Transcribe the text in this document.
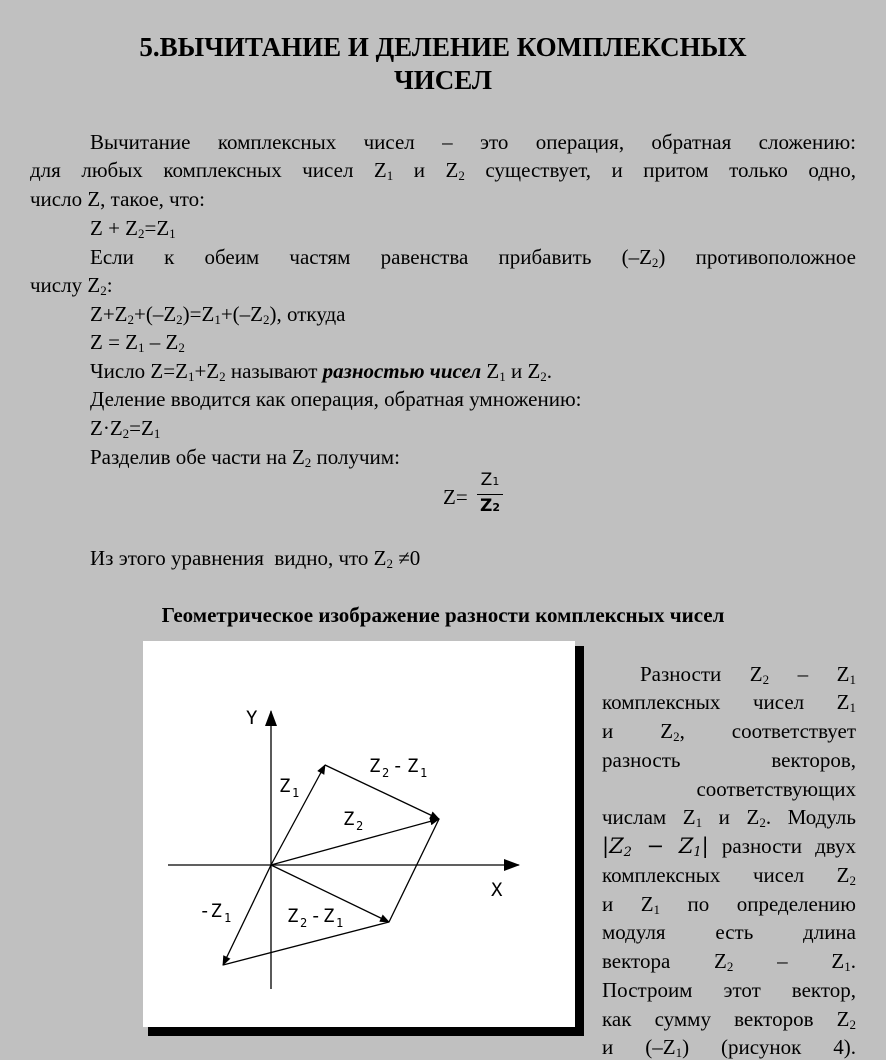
5.ВЫЧИТАНИЕ И ДЕЛЕНИЕ КОМПЛЕКСНЫХ
ЧИСЕЛ
Вычитание комплексных чисел – это операция, обратная сложению:
для любых комплексных чисел $Z_1$ и $Z_2$ существует, и притом только одно,
число Z, такое, что:
$Z + Z_2=Z_1$
Если к обеим частям равенства прибавить $(-Z_2)$ противоположное
числу $Z_2$:
$Z+Z_2+(-Z_2)=Z_1+(-Z_2)$, откуда
$Z = Z_1 - Z_2$
Число $Z=Z_1+Z_2$ называют разностью чисел $Z_1$ и $Z_2$.
Деление вводится как операция, обратная умножению:
$Z\cdot Z_2=Z_1$
Разделив обе части на $Z_2$ получим:
Z=
Z1
Z2
Из этого уравнения  видно, что $Z_2 \ne 0$
Геометрическое изображение разности комплексных чисел
Y
X
Z 1
Z 2
Z 2 - Z 1
-Z 1	Z 2 - Z 1
Разности $Z_2 - Z_1$
комплексных чисел $Z_1$
и $Z_2$, соответствует
разность векторов,
соответствующих
числам $Z_1$ и $Z_2$. Модуль
$|Z_2 - Z_1|$ разности двух
комплексных чисел $Z_2$
и $Z_1$ по определению
модуля есть длина
вектора $Z_2 - Z_1$.
Построим этот вектор,
как сумму векторов $Z_2$
и $(-Z_1)$ (рисунок 4).
